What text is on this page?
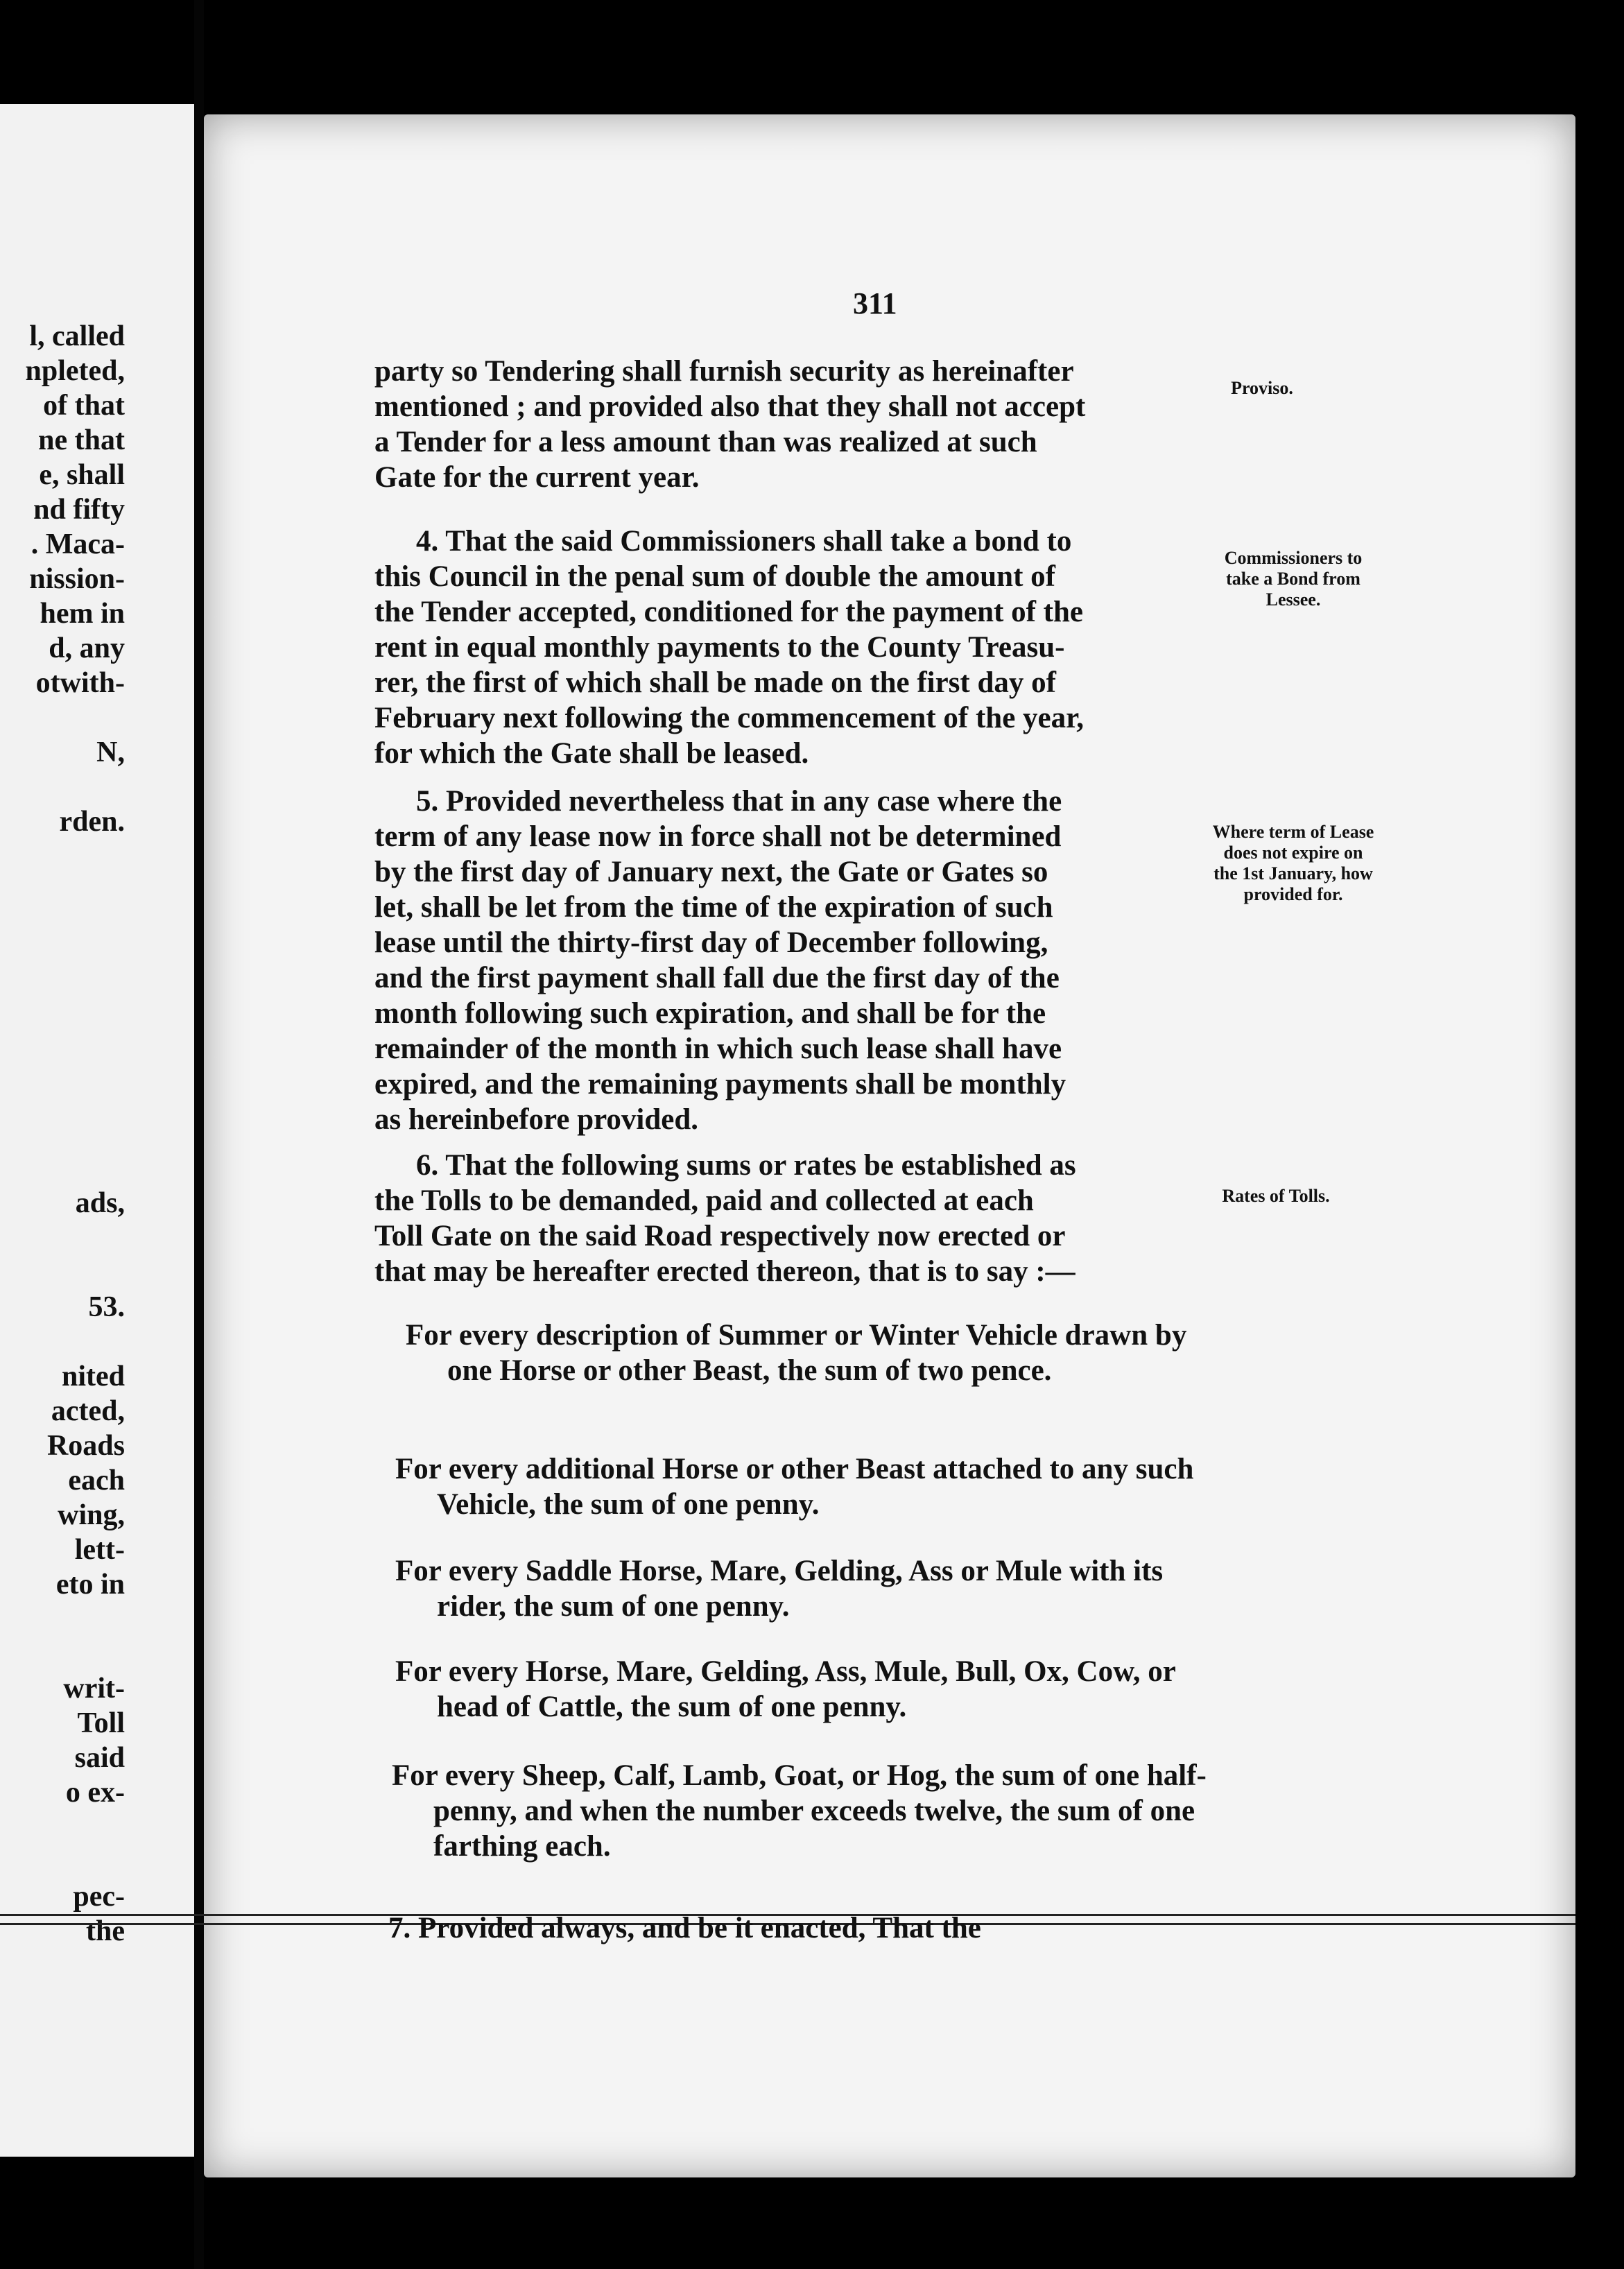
l, called
npleted,
of that
ne that
e, shall
nd fifty
. Maca-
nission-
hem in
d, any
otwith-

N,

rden.

ads,

53.

nited
acted,
Roads
each
wing,
lett-
eto in

writ-
Toll
said
o ex-

pec-
the
311
party so Tendering shall furnish security as hereinafter
mentioned ; and provided also that they shall not accept
a Tender for a less amount than was realized at such
Gate for the current year.
4. That the said Commissioners shall take a bond to
this Council in the penal sum of double the amount of
the Tender accepted, conditioned for the payment of the
rent in equal monthly payments to the County Treasu-
rer, the first of which shall be made on the first day of
February next following the commencement of the year,
for which the Gate shall be leased.
5. Provided nevertheless that in any case where the
term of any lease now in force shall not be determined
by the first day of January next, the Gate or Gates so
let, shall be let from the time of the expiration of such
lease until the thirty-first day of December following,
and the first payment shall fall due the first day of the
month following such expiration, and shall be for the
remainder of the month in which such lease shall have
expired, and the remaining payments shall be monthly
as hereinbefore provided.
6. That the following sums or rates be established as
the Tolls to be demanded, paid and collected at each
Toll Gate on the said Road respectively now erected or
that may be hereafter erected thereon, that is to say :—
For every description of Summer or Winter Vehicle drawn by one Horse or other Beast, the sum of two pence.
For every additional Horse or other Beast attached to any such Vehicle, the sum of one penny.
For every Saddle Horse, Mare, Gelding, Ass or Mule with its rider, the sum of one penny.
For every Horse, Mare, Gelding, Ass, Mule, Bull, Ox, Cow, or head of Cattle, the sum of one penny.
For every Sheep, Calf, Lamb, Goat, or Hog, the sum of one half-penny, and when the number exceeds twelve, the sum of one farthing each.
7. Provided always, and be it enacted, That the
Proviso.
Commissioners to take a Bond from Lessee.
Where term of Lease does not expire on the 1st January, how provided for.
Rates of Tolls.
